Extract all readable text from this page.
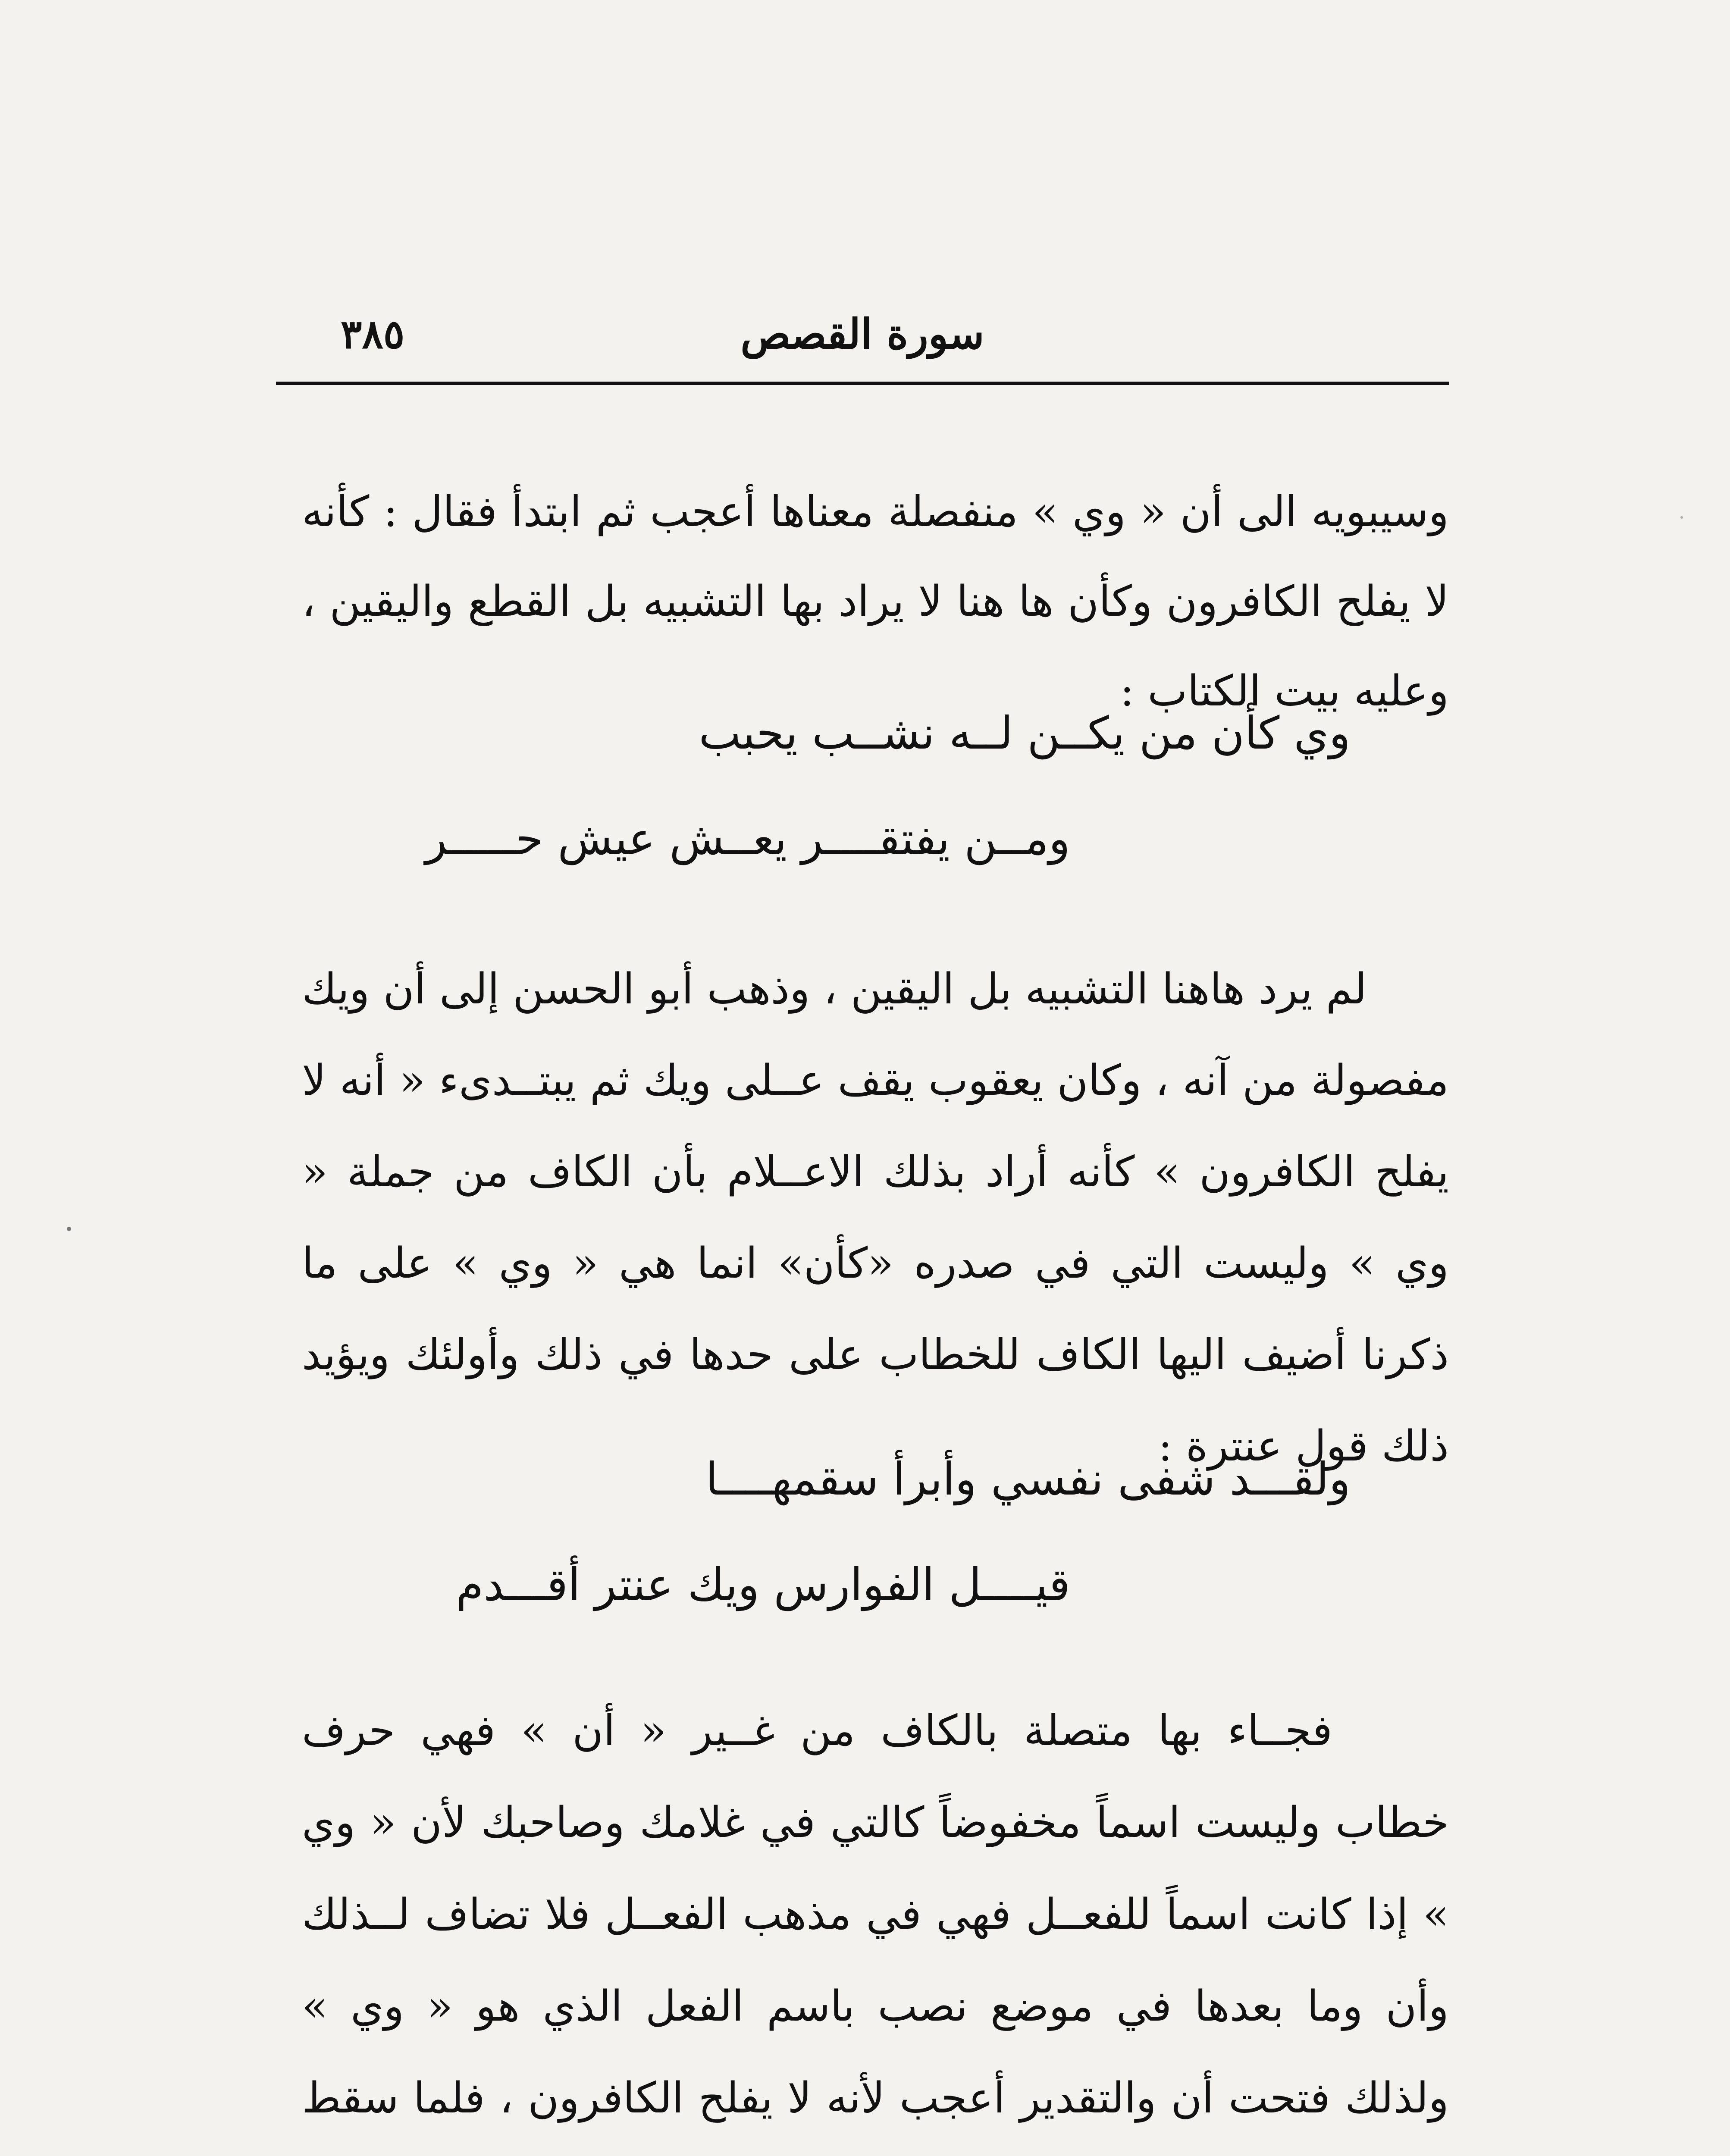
٣٨٥	سورة القصص

وسيبويه الى أن « وي » منفصلة معناها أعجب ثم ابتدأ فقال : كأنه لا يفلح الكافرون وكأن ها هنا لا يراد بها التشبيه بل القطع واليقين ، وعليه بيت الكتاب :

وي كأن من يكــن لــه نشــب يحبب
ومــن يفتقــــر يعــش عيش حـــــر

لم يرد هاهنا التشبيه بل اليقين ، وذهب أبو الحسن إلى أن ويك مفصولة من آنه ، وكان يعقوب يقف عــلى ويك ثم يبتــدىء « أنه لا يفلح الكافرون » كأنه أراد بذلك الاعــلام بأن الكاف من جملة « وي » وليست التي في صدره «كأن» انما هي « وي » على ما ذكرنا أضيف اليها الكاف للخطاب على حدها في ذلك وأولئك ويؤيد ذلك قول عنترة :

ولقـــد شفى نفسي وأبرأ سقمهــــا
قيــــل الفوارس ويك عنتر أقـــدم

فجــاء بها متصلة بالكاف من غــير « أن » فهي حرف خطاب وليست اسماً مخفوضاً كالتي في غلامك وصاحبك لأن « وي » إذا كانت اسماً للفعــل فهي في مذهب الفعــل فلا تضاف لــذلك وأن وما بعدها في موضع نصب باسم الفعل الذي هو « وي » ولذلك فتحت أن والتقدير أعجب لأنه لا يفلح الكافرون ، فلما سقط
